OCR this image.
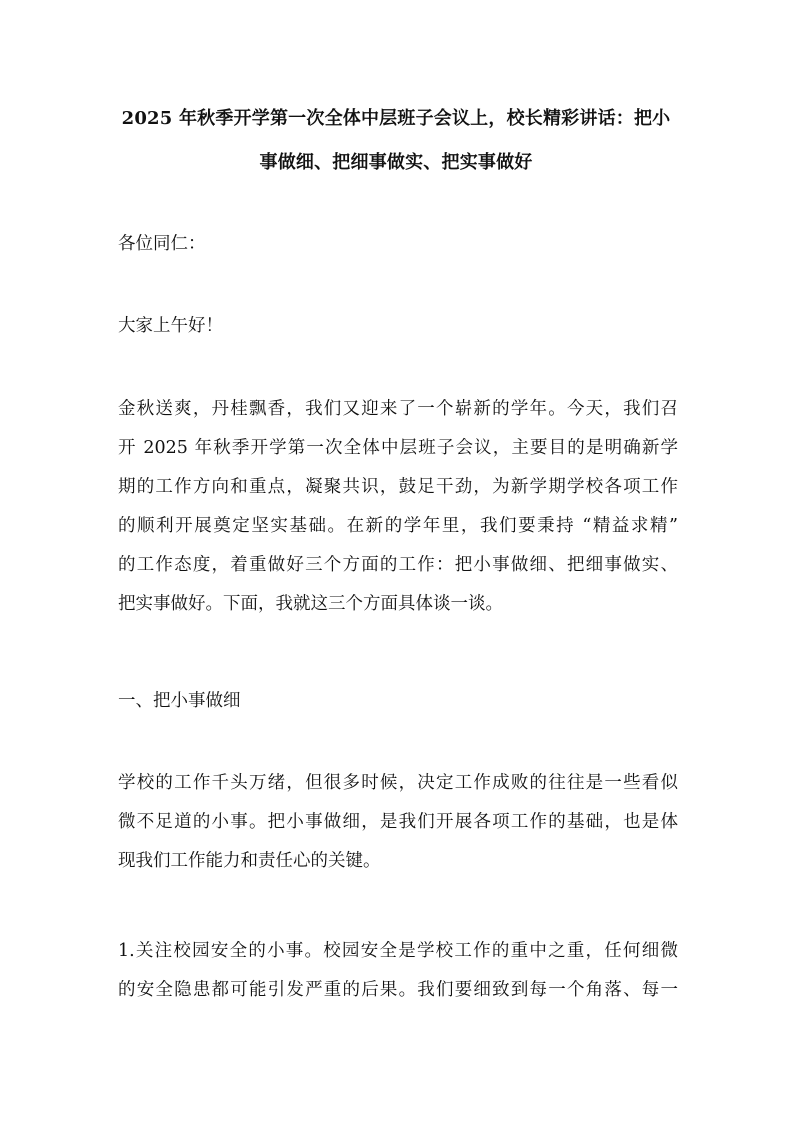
2025 年秋季开学第一次全体中层班子会议上，校长精彩讲话：把小
事做细、把细事做实、把实事做好

各位同仁：

大家上午好！

金秋送爽，丹桂飘香，我们又迎来了一个崭新的学年。今天，我们召
开 2025 年秋季开学第一次全体中层班子会议，主要目的是明确新学
期的工作方向和重点，凝聚共识，鼓足干劲，为新学期学校各项工作
的顺利开展奠定坚实基础。在新的学年里，我们要秉持 “精益求精”
的工作态度，着重做好三个方面的工作：把小事做细、把细事做实、
把实事做好。下面，我就这三个方面具体谈一谈。

一、把小事做细

学校的工作千头万绪，但很多时候，决定工作成败的往往是一些看似
微不足道的小事。把小事做细，是我们开展各项工作的基础，也是体
现我们工作能力和责任心的关键。
1.关注校园安全的小事。校园安全是学校工作的重中之重，任何细微
的安全隐患都可能引发严重的后果。我们要细致到每一个角落、每一
